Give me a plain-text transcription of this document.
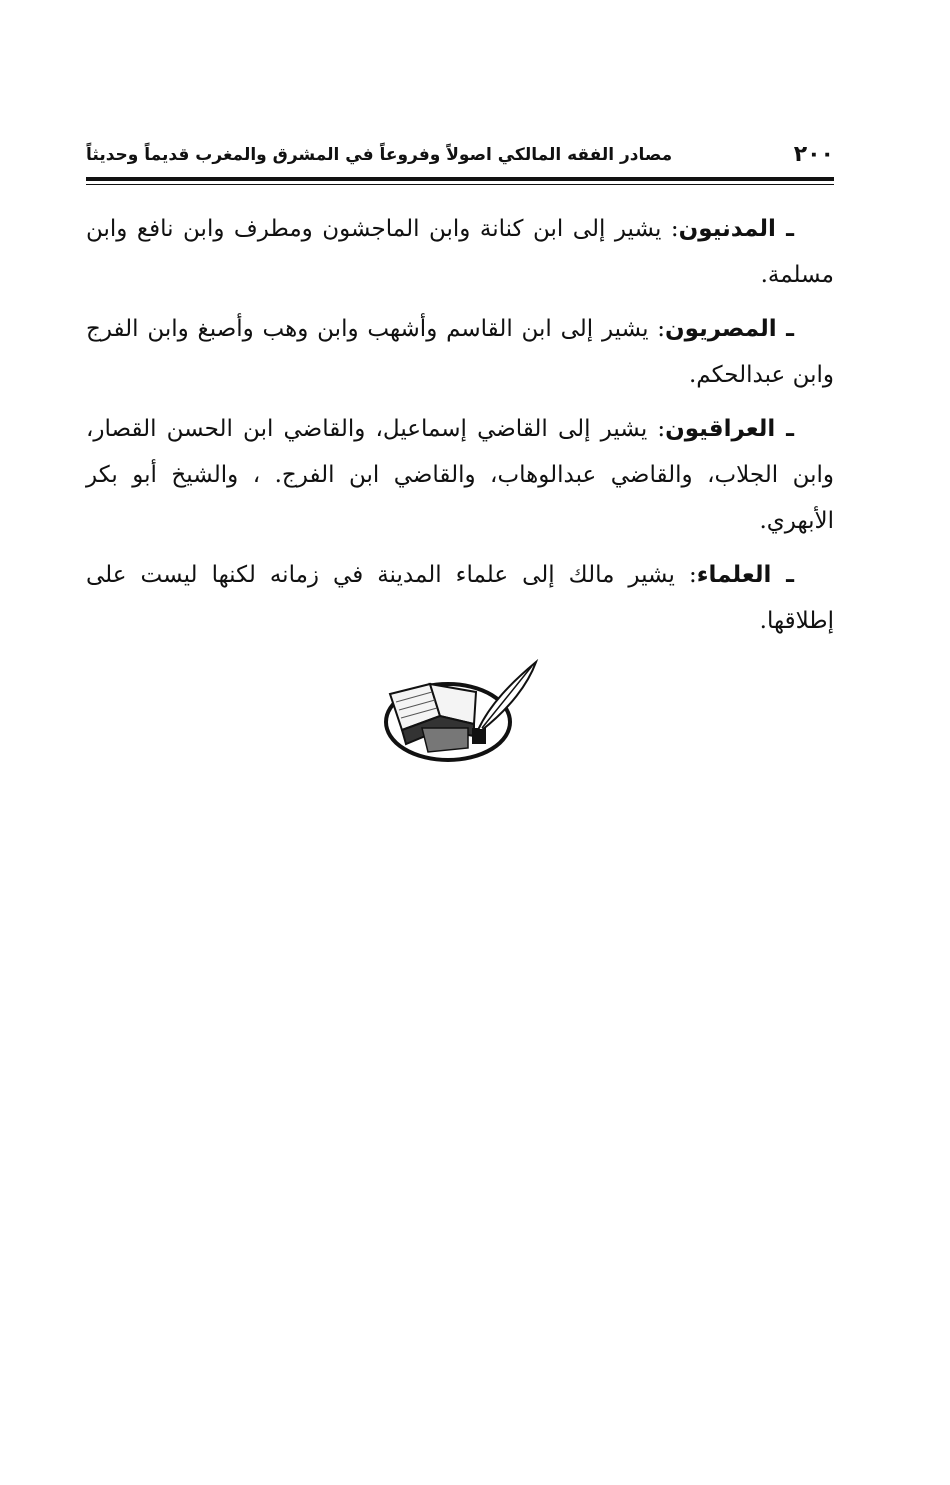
٢٠٠
مصادر الفقه المالكي اصولاً وفروعاً في المشرق والمغرب قديماً وحديثاً

ـ المدنيون: يشير إلى ابن كنانة وابن الماجشون ومطرف وابن نافع وابن مسلمة.

ـ المصريون: يشير إلى ابن القاسم وأشهب وابن وهب وأصبغ وابن الفرج وابن عبدالحكم.

ـ العراقيون: يشير إلى القاضي إسماعيل، والقاضي ابن الحسن القصار، وابن الجلاب، والقاضي عبدالوهاب، والقاضي ابن الفرج. ، والشيخ أبو بكر الأبهري.

ـ العلماء: يشير مالك إلى علماء المدينة في زمانه لكنها ليست على إطلاقها.
